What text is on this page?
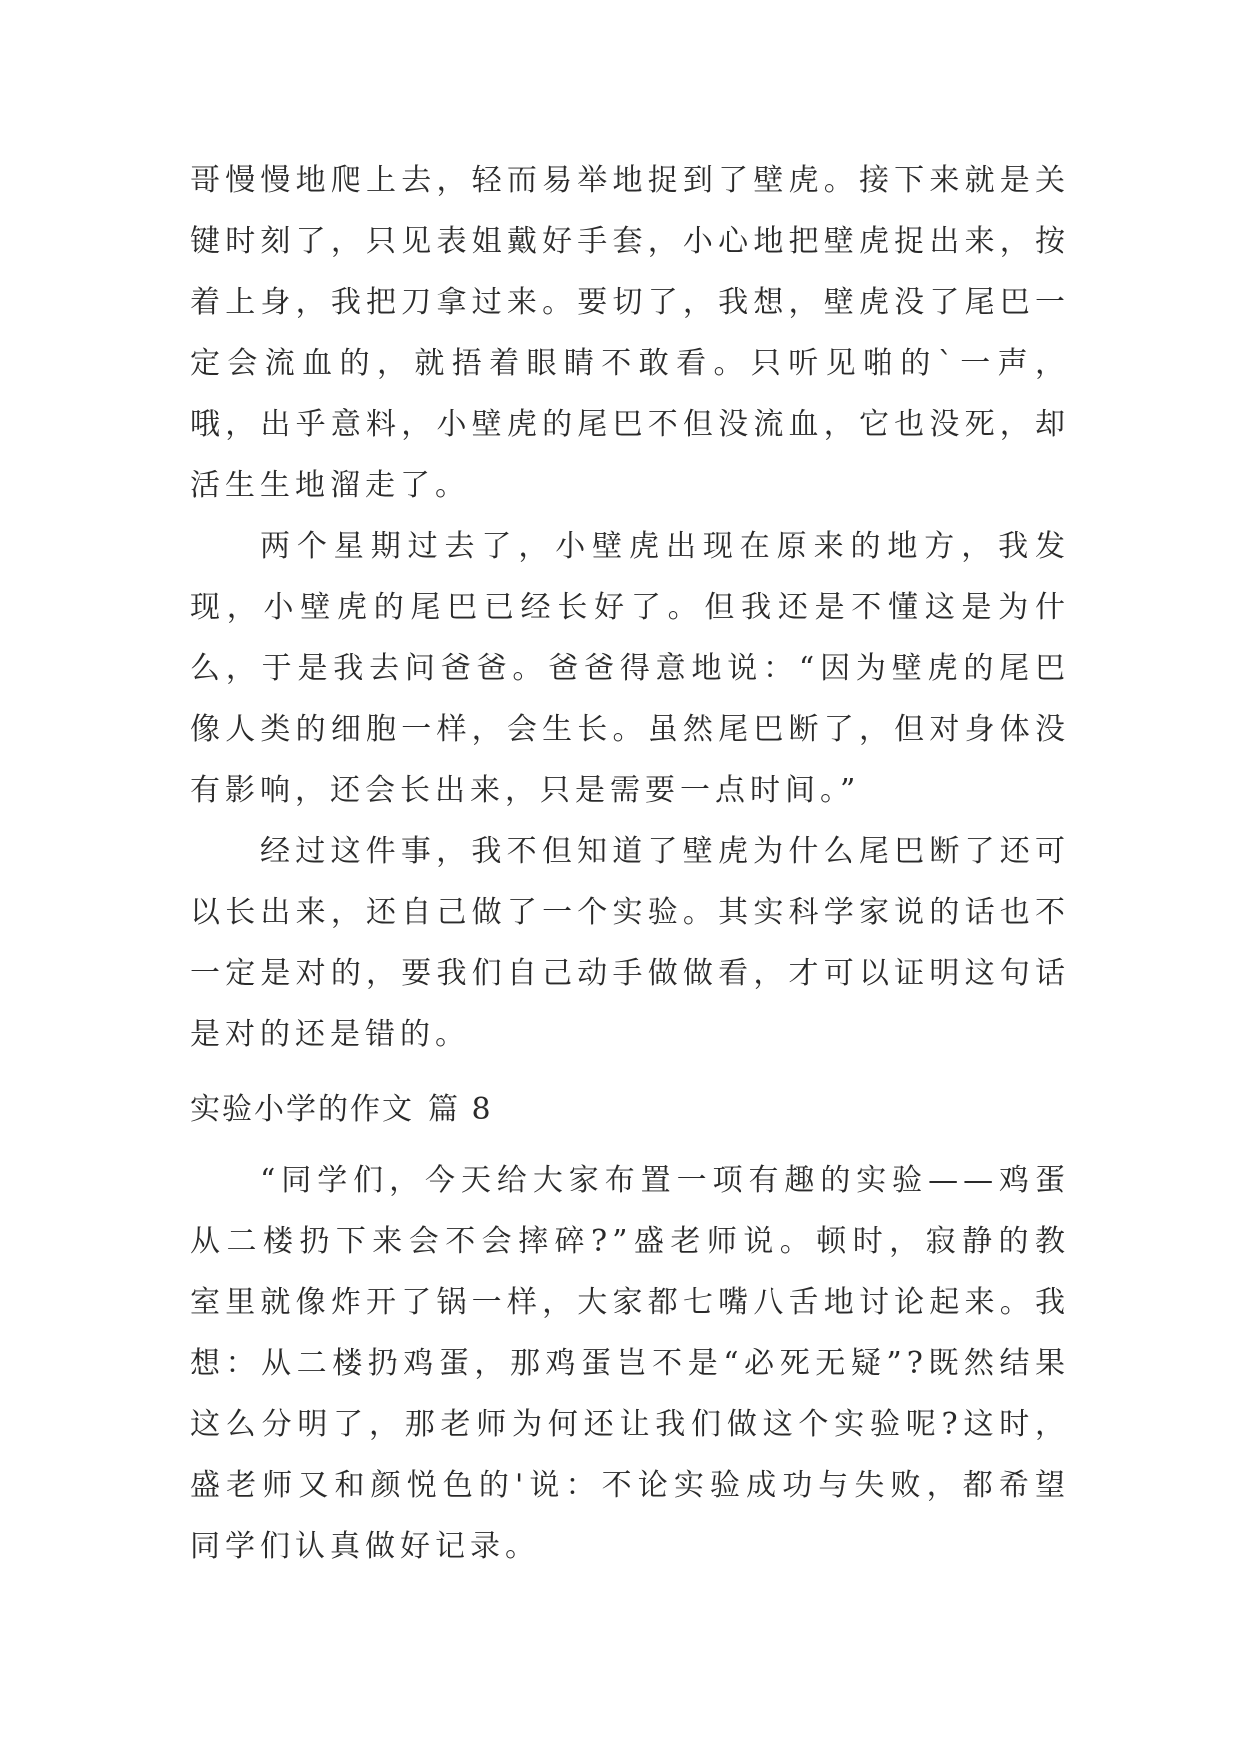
哥慢慢地爬上去，轻而易举地捉到了壁虎。接下来就是关键时刻了，只见表姐戴好手套，小心地把壁虎捉出来，按着上身，我把刀拿过来。要切了，我想，壁虎没了尾巴一定会流血的，就捂着眼睛不敢看。只听见啪的`一声，哦，出乎意料，小壁虎的尾巴不但没流血，它也没死，却活生生地溜走了。

两个星期过去了，小壁虎出现在原来的地方，我发现，小壁虎的尾巴已经长好了。但我还是不懂这是为什么，于是我去问爸爸。爸爸得意地说：“因为壁虎的尾巴像人类的细胞一样，会生长。虽然尾巴断了，但对身体没有影响，还会长出来，只是需要一点时间。”

经过这件事，我不但知道了壁虎为什么尾巴断了还可以长出来，还自己做了一个实验。其实科学家说的话也不一定是对的，要我们自己动手做做看，才可以证明这句话是对的还是错的。

实验小学的作文 篇 8

“同学们，今天给大家布置一项有趣的实验——鸡蛋从二楼扔下来会不会摔碎?”盛老师说。顿时，寂静的教室里就像炸开了锅一样，大家都七嘴八舌地讨论起来。我想：从二楼扔鸡蛋，那鸡蛋岂不是“必死无疑”?既然结果这么分明了，那老师为何还让我们做这个实验呢?这时，盛老师又和颜悦色的'说：不论实验成功与失败，都希望同学们认真做好记录。
